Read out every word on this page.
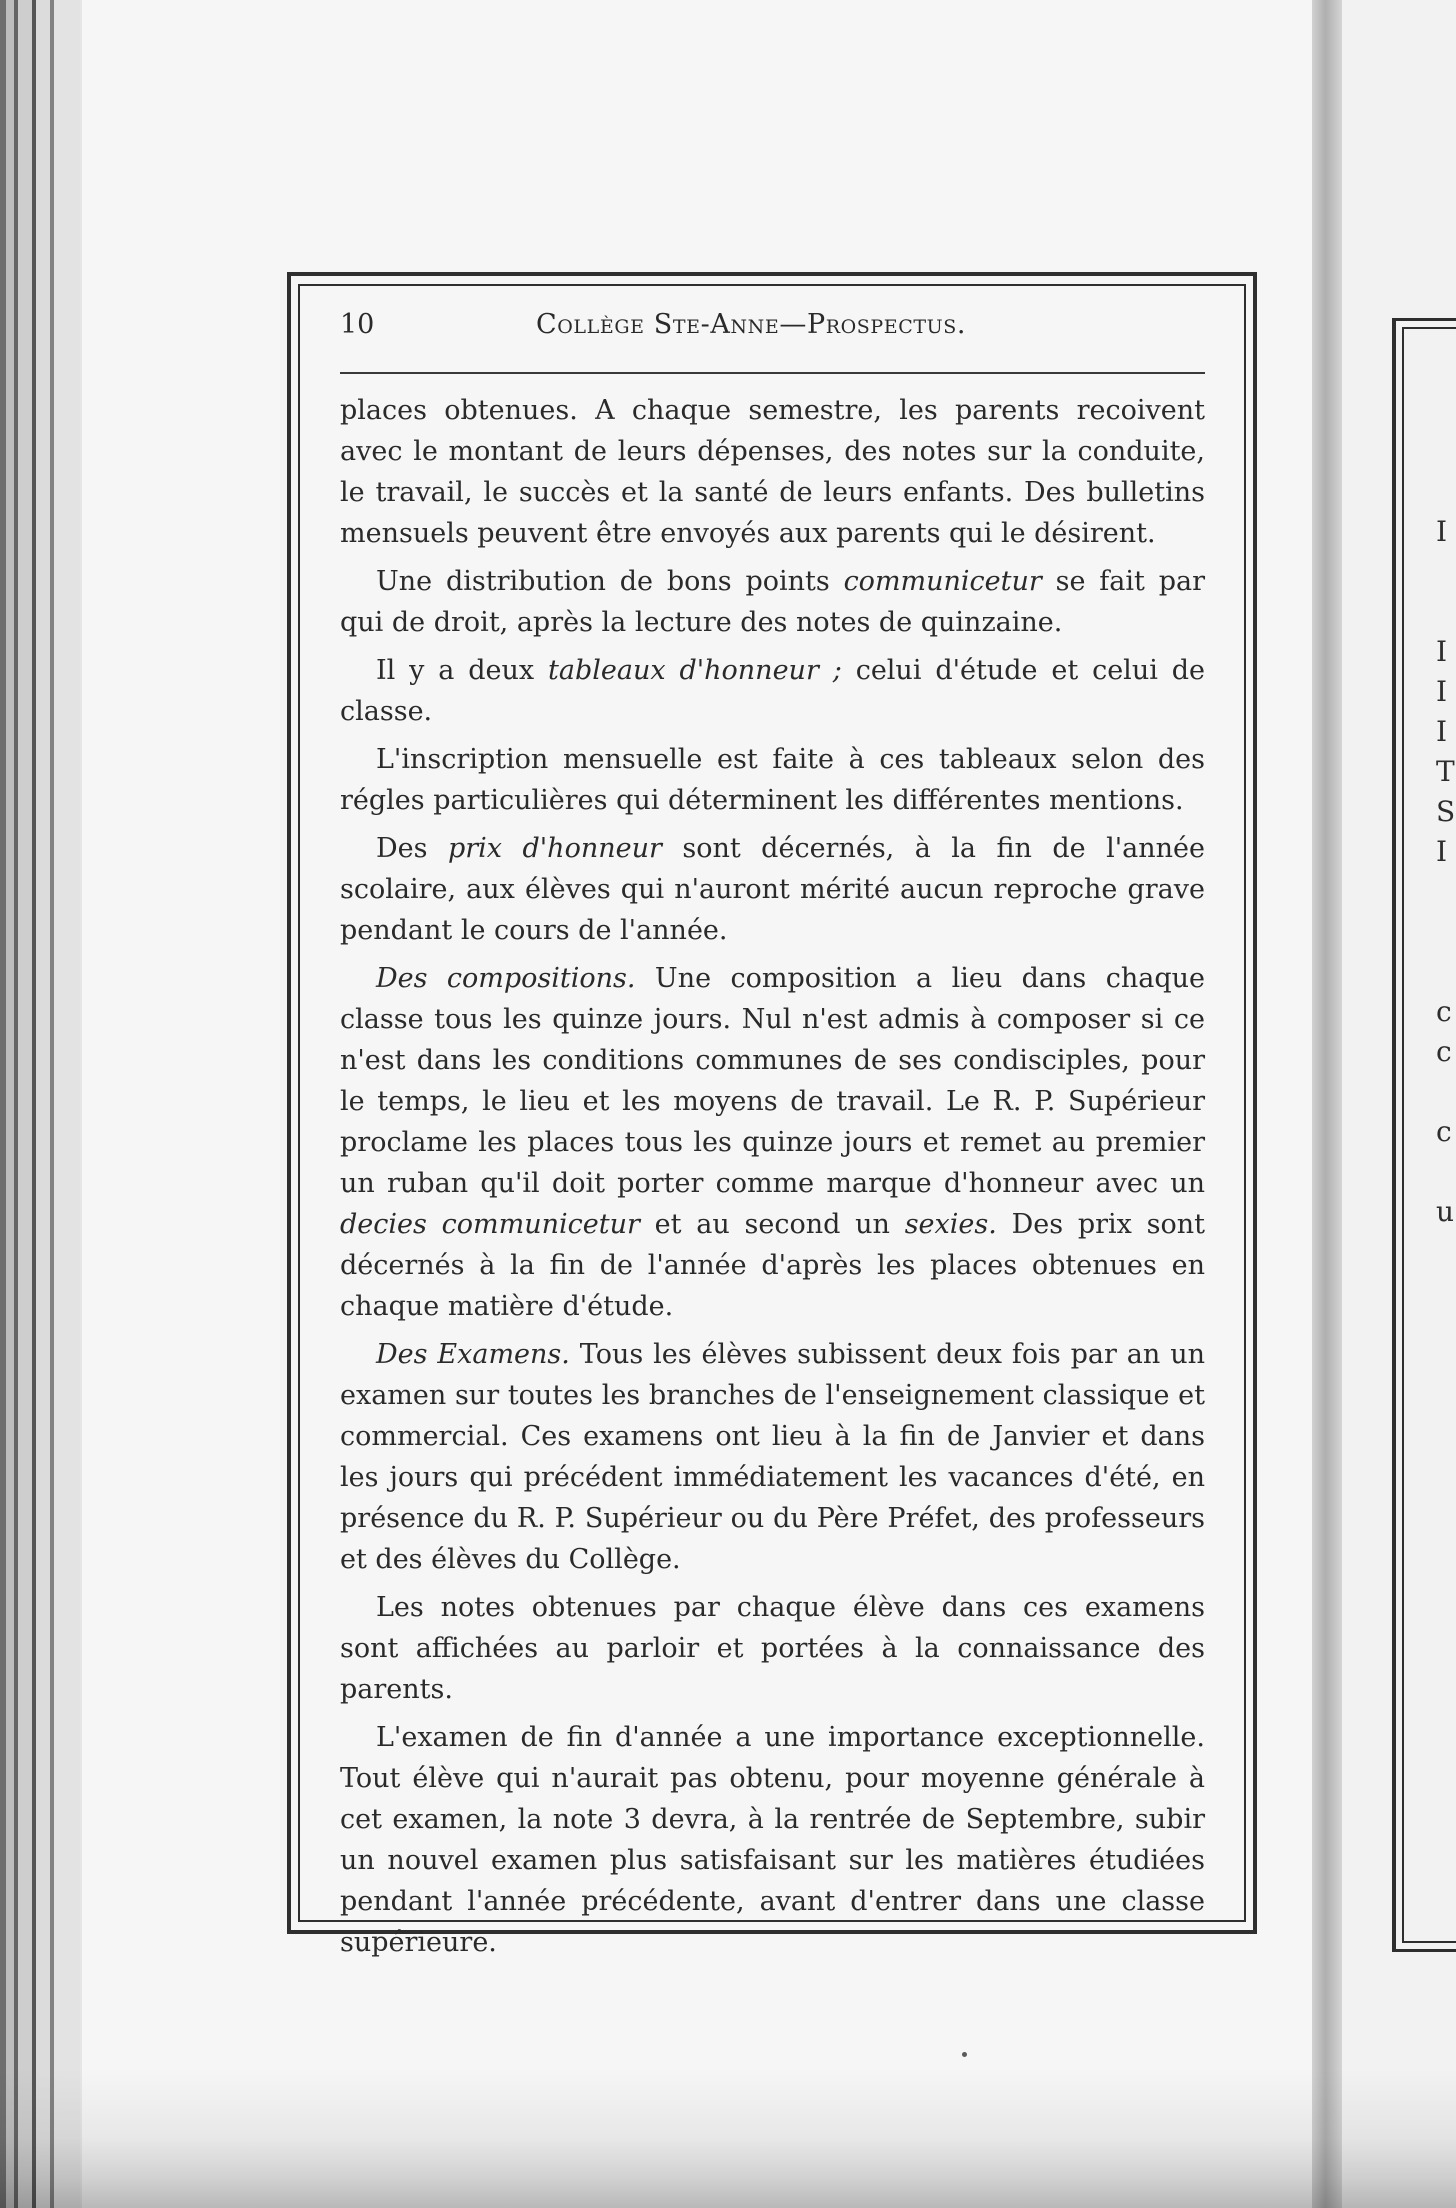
I
I
I
I
T
S
I
c
c
c
u
10	Collège Ste-Anne—Prospectus.

places obtenues. A chaque semestre, les parents recoivent avec le montant de leurs dépenses, des notes sur la conduite, le travail, le succès et la santé de leurs enfants. Des bulletins mensuels peuvent être envoyés aux parents qui le désirent.

Une distribution de bons points communicetur se fait par qui de droit, après la lecture des notes de quinzaine.

Il y a deux tableaux d'honneur ; celui d'étude et celui de classe.

L'inscription mensuelle est faite à ces tableaux selon des régles particulières qui déterminent les différentes mentions.

Des prix d'honneur sont décernés, à la fin de l'année scolaire, aux élèves qui n'auront mérité aucun reproche grave pendant le cours de l'année.

Des compositions. Une composition a lieu dans chaque classe tous les quinze jours. Nul n'est admis à composer si ce n'est dans les conditions communes de ses condisciples, pour le temps, le lieu et les moyens de travail. Le R. P. Supérieur proclame les places tous les quinze jours et remet au premier un ruban qu'il doit porter comme marque d'honneur avec un decies communicetur et au second un sexies. Des prix sont décernés à la fin de l'année d'après les places obtenues en chaque matière d'étude.

Des Examens. Tous les élèves subissent deux fois par an un examen sur toutes les branches de l'enseignement classique et commercial. Ces examens ont lieu à la fin de Janvier et dans les jours qui précédent immédiatement les vacances d'été, en présence du R. P. Supérieur ou du Père Préfet, des professeurs et des élèves du Collège.

Les notes obtenues par chaque élève dans ces examens sont affichées au parloir et portées à la connaissance des parents.

L'examen de fin d'année a une importance exceptionnelle. Tout élève qui n'aurait pas obtenu, pour moyenne générale à cet examen, la note 3 devra, à la rentrée de Septembre, subir un nouvel examen plus satisfaisant sur les matières étudiées pendant l'année précédente, avant d'entrer dans une classe supérieure.
